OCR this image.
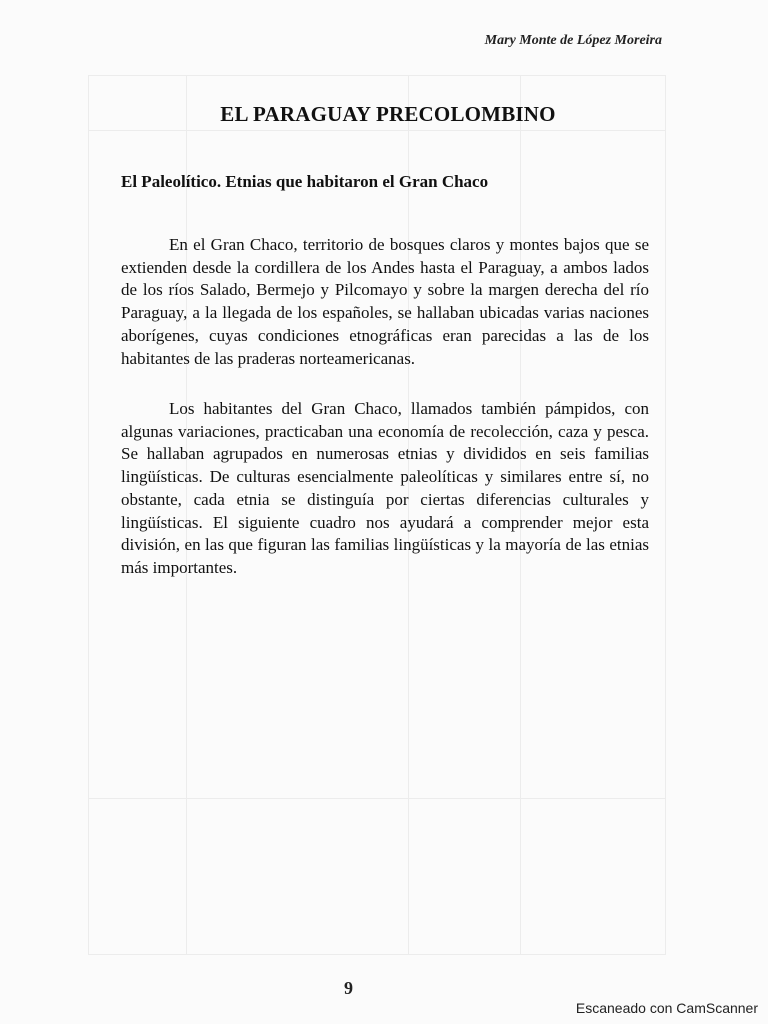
Mary Monte de López Moreira
EL PARAGUAY PRECOLOMBINO
El Paleolítico. Etnias que habitaron el Gran Chaco

En el Gran Chaco, territorio de bosques claros y montes bajos que se extienden desde la cordillera de los Andes hasta el Paraguay, a ambos lados de los ríos Salado, Bermejo y Pilcomayo y sobre la margen derecha del río Paraguay, a la llegada de los españoles, se hallaban ubicadas varias naciones aborígenes, cuyas condiciones etnográficas eran parecidas a las de los habitantes de las praderas norteamericanas.

Los habitantes del Gran Chaco, llamados también pámpidos, con algunas variaciones, practicaban una economía de recolección, caza y pesca. Se hallaban agrupados en numerosas etnias y divididos en seis familias lingüísticas. De culturas esencialmente paleolíticas y similares entre sí, no obstante, cada etnia se distinguía por ciertas diferencias culturales y lingüísticas. El siguiente cuadro nos ayudará a comprender mejor esta división, en las que figuran las familias lingüísticas y la mayoría de las etnias más importantes.

9
Escaneado con CamScanner
